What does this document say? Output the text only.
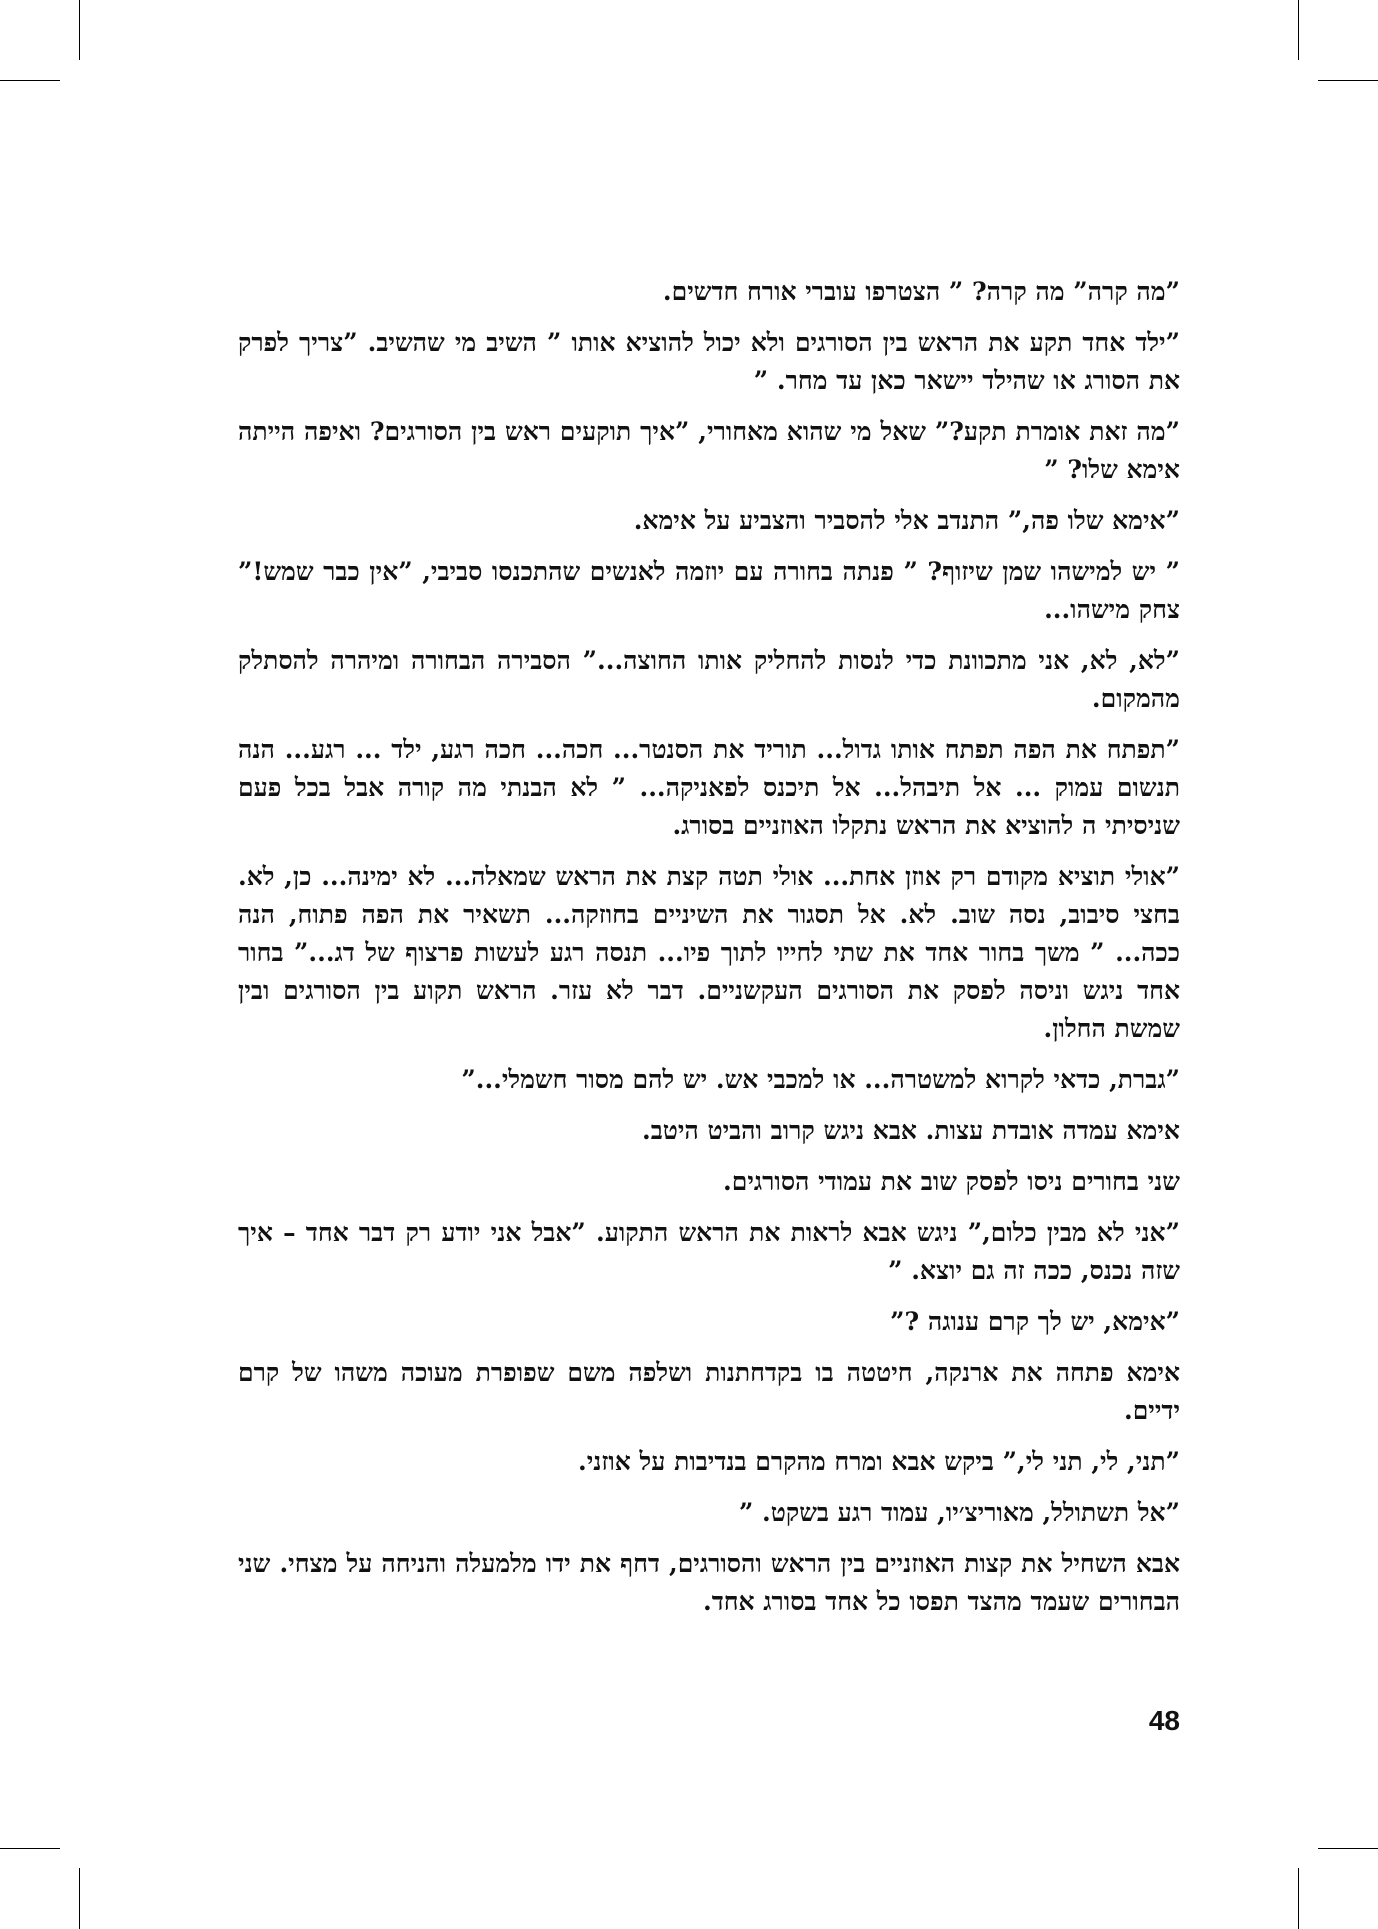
”מה קרה” מה קרה? ” הצטרפו עוברי אורח חדשים.

”ילד אחד תקע את הראש בין הסורגים ולא יכול להוציא אותו ” השיב מי שהשיב. ”צריך לפרק את הסורג או שהילד יישאר כאן עד מחר. ”

”מה זאת אומרת תקע?” שאל מי שהוא מאחורי, ”איך תוקעים ראש בין הסורגים? ואיפה הייתה אימא שלו? ”

”אימא שלו פה,” התנדב אלי להסביר והצביע על אימא.

” יש למישהו שמן שיזוף? ” פנתה בחורה עם יוזמה לאנשים שהתכנסו סביבי, ”אין כבר שמש!” צחק מישהו...

”לא, לא, אני מתכוונת כדי לנסות להחליק אותו החוצה...” הסבירה הבחורה ומיהרה להסתלק מהמקום.

”תפתח את הפה תפתח אותו גדול... תוריד את הסנטר... חכה... חכה רגע, ילד ... רגע... הנה תנשום עמוק ... אל תיבהל... אל תיכנס לפאניקה... ” לא הבנתי מה קורה אבל בכל פעם שניסיתי ה להוציא את הראש נתקלו האוזניים בסורג.

”אולי תוציא מקודם רק אוזן אחת... אולי תטה קצת את הראש שמאלה... לא ימינה... כן, לא. בחצי סיבוב, נסה שוב. לא. אל תסגור את השיניים בחוזקה... תשאיר את הפה פתוח, הנה ככה... ” משך בחור אחד את שתי לחייו לתוך פיו... תנסה רגע לעשות פרצוף של דג...” בחור אחד ניגש וניסה לפסק את הסורגים העקשניים. דבר לא עזר. הראש תקוע בין הסורגים ובין שמשת החלון.

”גברת, כדאי לקרוא למשטרה... או למכבי אש. יש להם מסור חשמלי...”

אימא עמדה אובדת עצות. אבא ניגש קרוב והביט היטב.

שני בחורים ניסו לפסק שוב את עמודי הסורגים.

”אני לא מבין כלום,” ניגש אבא לראות את הראש התקוע. ”אבל אני יודע רק דבר אחד – איך שזה נכנס, ככה זה גם יוצא. ”

”אימא, יש לך קרם ענוגה ?”

אימא פתחה את ארנקה, חיטטה בו בקדחתנות ושלפה משם שפופרת מעוכה משהו של קרם ידיים.

”תני, לי, תני לי,” ביקש אבא ומרח מהקרם בנדיבות על אוזני.

”אל תשתולל, מאוריצ׳יו, עמוד רגע בשקט. ”

אבא השחיל את קצות האוזניים בין הראש והסורגים, דחף את ידו מלמעלה והניחה על מצחי. שני הבחורים שעמד מהצד תפסו כל אחד בסורג אחד.

48
